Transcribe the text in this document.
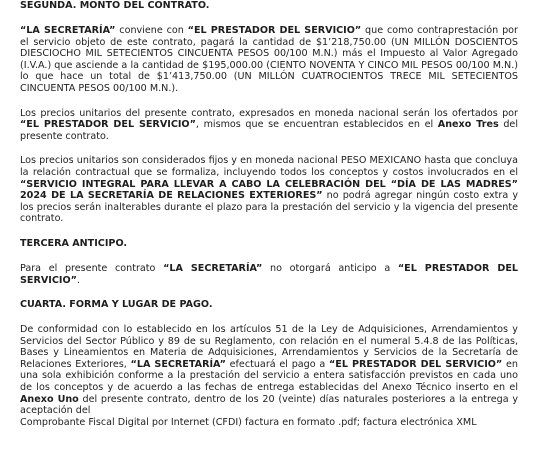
SEGUNDA. MONTO DEL CONTRATO.

“LA SECRETARÍA” conviene con “EL PRESTADOR DEL SERVICIO” que como contraprestación por el servicio objeto de este contrato, pagará la cantidad de $1’218,750.00 (UN MILLÓN DOSCIENTOS DIESCIOCHO MIL SETECIENTOS CINCUENTA PESOS 00/100 M.N.) más el Impuesto al Valor Agregado (I.V.A.) que asciende a la cantidad de $195,000.00 (CIENTO NOVENTA Y CINCO MIL PESOS 00/100 M.N.) lo que hace un total de $1’413,750.00 (UN MILLÓN CUATROCIENTOS TRECE MIL SETECIENTOS CINCUENTA PESOS 00/100 M.N.).

Los precios unitarios del presente contrato, expresados en moneda nacional serán los ofertados por “EL PRESTADOR DEL SERVICIO”, mismos que se encuentran establecidos en el Anexo Tres del presente contrato.

Los precios unitarios son considerados fijos y en moneda nacional PESO MEXICANO hasta que concluya la relación contractual que se formaliza, incluyendo todos los conceptos y costos involucrados en el “SERVICIO INTEGRAL PARA LLEVAR A CABO LA CELEBRACIÓN DEL “DÍA DE LAS MADRES” 2024 DE LA SECRETARÍA DE RELACIONES EXTERIORES” no podrá agregar ningún costo extra y los precios serán inalterables durante el plazo para la prestación del servicio y la vigencia del presente contrato.

TERCERA ANTICIPO.

Para el presente contrato “LA SECRETARÍA” no otorgará anticipo a “EL PRESTADOR DEL SERVICIO”.

CUARTA. FORMA Y LUGAR DE PAGO.

De conformidad con lo establecido en los artículos 51 de la Ley de Adquisiciones, Arrendamientos y Servicios del Sector Público y 89 de su Reglamento, con relación en el numeral 5.4.8 de las Políticas, Bases y Lineamientos en Materia de Adquisiciones, Arrendamientos y Servicios de la Secretaría de Relaciones Exteriores, “LA SECRETARÍA” efectuará el pago a “EL PRESTADOR DEL SERVICIO” en una sola exhibición conforme a la prestación del servicio a entera satisfacción previstos en cada uno de los conceptos y de acuerdo a las fechas de entrega establecidas del Anexo Técnico inserto en el Anexo Uno del presente contrato, dentro de los 20 (veinte) días naturales posteriores a la entrega y aceptación del

Comprobante Fiscal Digital por Internet (CFDI) factura en formato .pdf; factura electrónica XML
